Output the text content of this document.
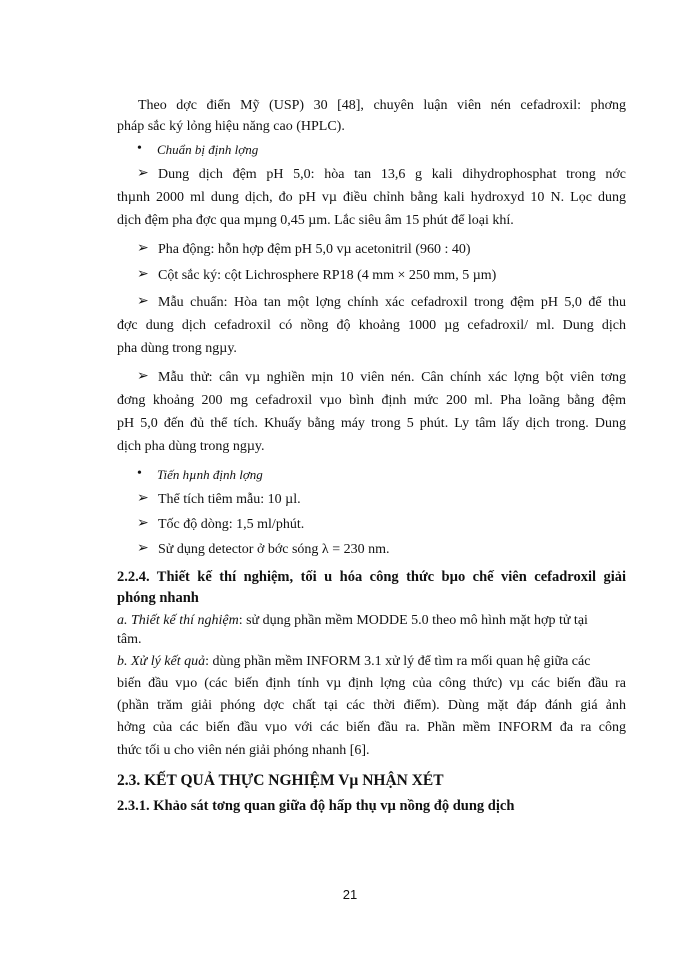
Theo dợc điển Mỹ (USP) 30 [48], chuyên luận viên nén cefadroxil: phơng
pháp sắc ký lỏng hiệu năng cao (HPLC).
• Chuẩn bị định lợng
➢ Dung dịch đệm pH 5,0: hòa tan 13,6 g kali dihydrophosphat trong nớc
thµnh 2000 ml dung dịch, đo pH vµ điều chỉnh bằng kali hydroxyd 10 N. Lọc dung
dịch đệm pha đợc qua mµng 0,45 µm. Lắc siêu âm 15 phút để loại khí.
➢ Pha động: hỗn hợp đệm pH 5,0 vµ acetonitril (960 : 40)
➢ Cột sắc ký: cột Lichrosphere RP18 (4 mm × 250 mm, 5 µm)
➢ Mẫu chuẩn: Hòa tan một lợng chính xác cefadroxil trong đệm pH 5,0 để thu
đợc dung dịch cefadroxil có nồng độ khoảng 1000 µg cefadroxil/ ml. Dung dịch
pha dùng trong ngµy.
➢ Mẫu thử: cân vµ nghiền mịn 10 viên nén. Cân chính xác lợng bột viên tơng
đơng khoảng 200 mg cefadroxil vµo bình định mức 200 ml. Pha loãng bằng đệm
pH 5,0 đến đủ thể tích. Khuấy bằng máy trong 5 phút. Ly tâm lấy dịch trong. Dung
dịch pha dùng trong ngµy.
• Tiến hµnh định lợng
➢ Thể tích tiêm mẫu: 10 µl.
➢ Tốc độ dòng: 1,5 ml/phút.
➢ Sử dụng detector ở bớc sóng λ = 230 nm.
2.2.4. Thiết kế thí nghiệm, tối u hóa công thức bµo chế viên cefadroxil giải
phóng nhanh
a. Thiết kế thí nghiệm: sử dụng phần mềm MODDE 5.0 theo mô hình mặt hợp tử tại
tâm.
b. Xử lý kết quả: dùng phần mềm INFORM 3.1 xử lý để tìm ra mối quan hệ giữa các
biến đầu vµo (các biến định tính vµ định lợng của công thức) vµ các biến đầu ra
(phần trăm giải phóng dợc chất tại các thời điểm). Dùng mặt đáp đánh giá ảnh
hởng của các biến đầu vµo với các biến đầu ra. Phần mềm INFORM đa ra công
thức tối u cho viên nén giải phóng nhanh [6].
2.3. KẾT QUẢ THỰC NGHIỆM Vµ NHẬN XÉT
2.3.1. Khảo sát tơng quan giữa độ hấp thụ vµ nồng độ dung dịch
21
